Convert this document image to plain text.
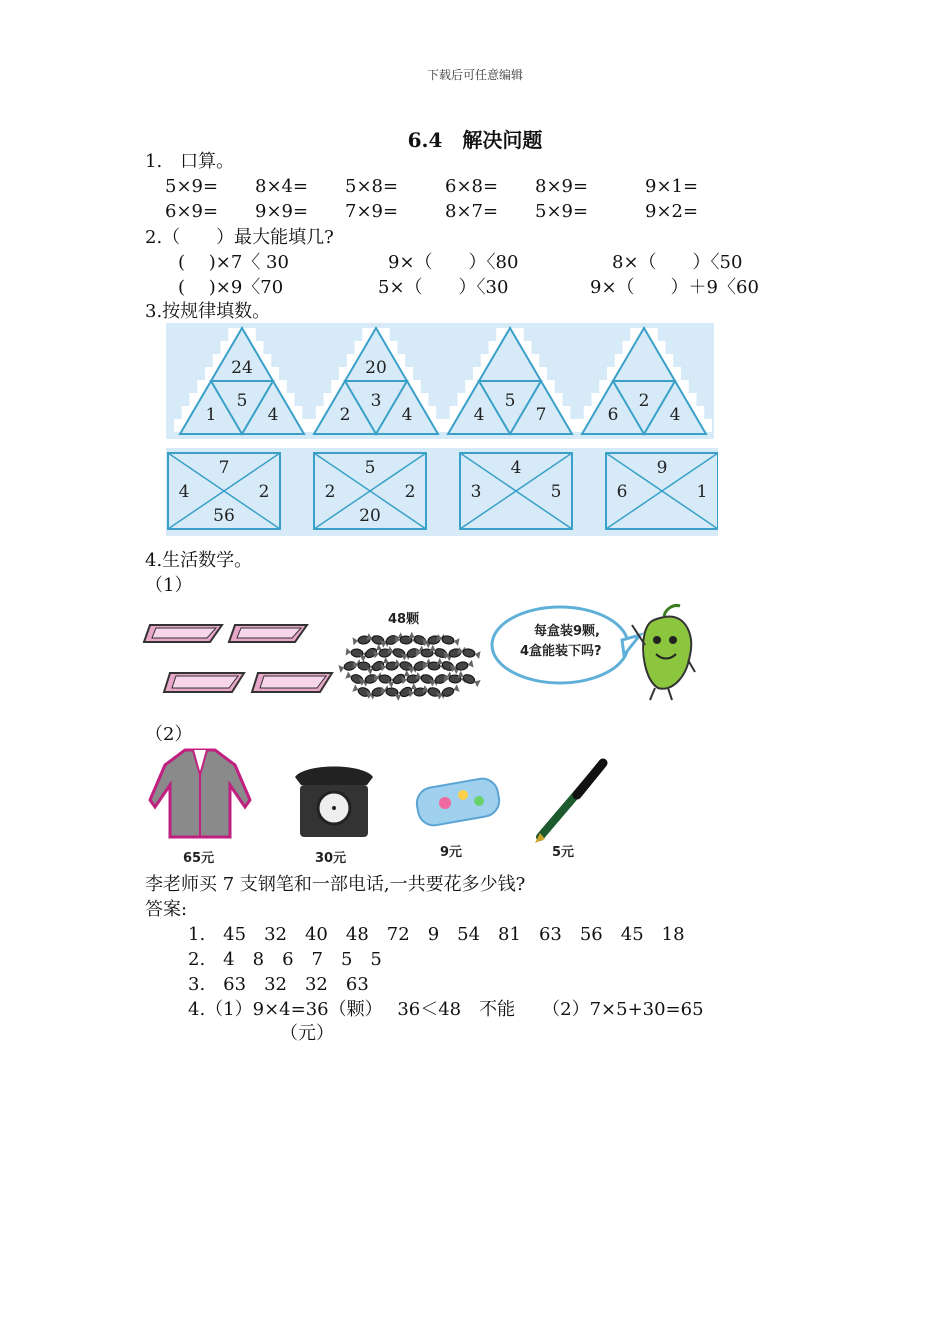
下载后可任意编辑
6.4　解决问题
1.　口算。
5×9= 8×4= 5×8=	6×8= 8×9=	9×1=
6×9= 9×9= 7×9=	8×7= 5×9=	9×2=
2.（　　）最大能填几?
(　 )×7〈 30	9×（　　）〈80	8×（　　）〈50
(　 )×9〈70	5×（　　）〈30	9×（　　）＋9〈60
3.按规律填数。
24
5
1	4
20
3
2	4
5
4	7
2
6	4
7
4	2
56
5
2	2
20
4
3	5
9
6	1
4.生活数学。
（1）
48颗
每盒装9颗,
4盒能装下吗?
（2）
65元	30元	9元	5元
李老师买 7 支钢笔和一部电话,一共要花多少钱?
答案:
1.　45　32　40　48　72　9　54　81　63　56　45　18
2.　4　8　6　7　5　5
3.　63　32　32　63
4.（1）9×4=36（颗）　 36＜48　不能　　（2）7×5+30=65
（元）
